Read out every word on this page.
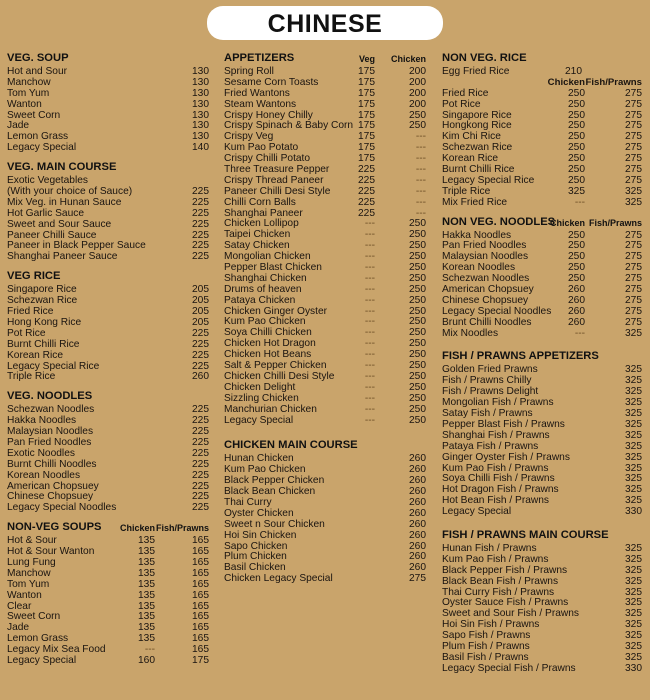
CHINESE
VEG. SOUP
Hot and Sour	130
Manchow	130
Tom Yum	130
Wanton	130
Sweet Corn	130
Jade	130
Lemon Grass	130
Legacy Special	140
VEG. MAIN COURSE
Exotic Vegetables
(With your choice of Sauce)	225
Mix Veg. in Hunan Sauce	225
Hot Garlic Sauce	225
Sweet and Sour Sauce	225
Paneer Chilli Sauce	225
Paneer in Black Pepper Sauce	225
Shanghai Paneer Sauce	225
VEG RICE
Singapore Rice	205
Schezwan Rice	205
Fried Rice	205
Hong Kong Rice	205
Pot Rice	225
Burnt Chilli Rice	225
Korean Rice	225
Legacy Special Rice	225
Triple Rice	260
VEG. NOODLES
Schezwan Noodles	225
Hakka Noodles	225
Malaysian Noodles	225
Pan Fried Noodles	225
Exotic Noodles	225
Burnt Chilli Noodles	225
Korean Noodles	225
American Chopsuey	225
Chinese Chopsuey	225
Legacy Special Noodles	225
NON-VEG SOUPS Chicken Fish/Prawns
Hot & Sour	135	165
Hot & Sour Wanton	135	165
Lung Fung	135	165
Manchow	135	165
Tom Yum	135	165
Wanton	135	165
Clear	135	165
Sweet Corn	135	165
Jade	135	165
Lemon Grass	135	165
Legacy Mix Sea Food	---	165
Legacy Special	160	175
APPETIZERS	Veg Chicken
Spring Roll	175	200
Sesame Corn Toasts	175	200
Fried Wantons	175	200
Steam Wantons	175	200
Crispy Honey Chilly	175	250
Crispy Spinach & Baby Corn 175	250
Crispy Veg	175	---
Kum Pao Potato	175	---
Crispy Chilli Potato	175	---
Three Treasure Pepper	225	---
Crispy Thread Paneer	225	---
Paneer Chilli Desi Style	225	---
Chilli Corn Balls	225	---
Shanghai Paneer	225	---
Chicken Lollipop	---	250
Taipei Chicken	---	250
Satay Chicken	---	250
Mongolian Chicken	---	250
Pepper Blast Chicken	---	250
Shanghai Chicken	---	250
Drums of heaven	---	250
Pataya Chicken	---	250
Chicken Ginger Oyster	---	250
Kum Pao Chicken	---	250
Soya Chilli Chicken	---	250
Chicken Hot Dragon	---	250
Chicken Hot Beans	---	250
Salt & Pepper Chicken	---	250
Chicken Chilli Desi Style	---	250
Chicken Delight	---	250
Sizzling Chicken	---	250
Manchurian Chicken	---	250
Legacy Special	---	250
CHICKEN MAIN COURSE
Hunan Chicken	260
Kum Pao Chicken	260
Black Pepper Chicken	260
Black Bean Chicken	260
Thai Curry	260
Oyster Chicken	260
Sweet n Sour Chicken	260
Hoi Sin Chicken	260
Sapo Chicken	260
Plum Chicken	260
Basil Chicken	260
Chicken Legacy Special	275
NON VEG. RICE
Egg Fried Rice	210
Chicken Fish/Prawns
Fried Rice	250	275
Pot Rice	250	275
Singapore Rice	250	275
Hongkong Rice	250	275
Kim Chi Rice	250	275
Schezwan Rice	250	275
Korean Rice	250	275
Burnt Chilli Rice	250	275
Legacy Special Rice	250	275
Triple Rice	325	325
Mix Fried Rice	---	325
NON VEG. NOODLES
Chicken Fish/Prawns
Hakka Noodles	250	275
Pan Fried Noodles	250	275
Malaysian Noodles	250	275
Korean Noodles	250	275
Schezwan Noodles	250	275
American Chopsuey	260	275
Chinese Chopsuey	260	275
Legacy Special Noodles	260	275
Brunt Chilli Noodles	260	275
Mix Noodles	---	325
FISH / PRAWNS APPETIZERS
Golden Fried Prawns	325
Fish / Prawns Chilly	325
Fish / Prawns Delight	325
Mongolian Fish / Prawns	325
Satay Fish / Prawns	325
Pepper Blast Fish / Prawns	325
Shanghai Fish / Prawns	325
Pataya Fish / Prawns	325
Ginger Oyster Fish / Prawns	325
Kum Pao Fish / Prawns	325
Soya Chilli Fish / Prawns	325
Hot Dragon Fish / Prawns	325
Hot Bean Fish / Prawns	325
Legacy Special	330
FISH / PRAWNS MAIN COURSE
Hunan Fish / Prawns	325
Kum Pao Fish / Prawns	325
Black Pepper Fish / Prawns	325
Black Bean Fish / Prawns	325
Thai Curry Fish / Prawns	325
Oyster Sauce Fish / Prawns	325
Sweet and Sour Fish / Prawns	325
Hoi Sin Fish / Prawns	325
Sapo Fish / Prawns	325
Plum Fish / Prawns	325
Basil Fish / Prawns	325
Legacy Special Fish / Prawns	330
